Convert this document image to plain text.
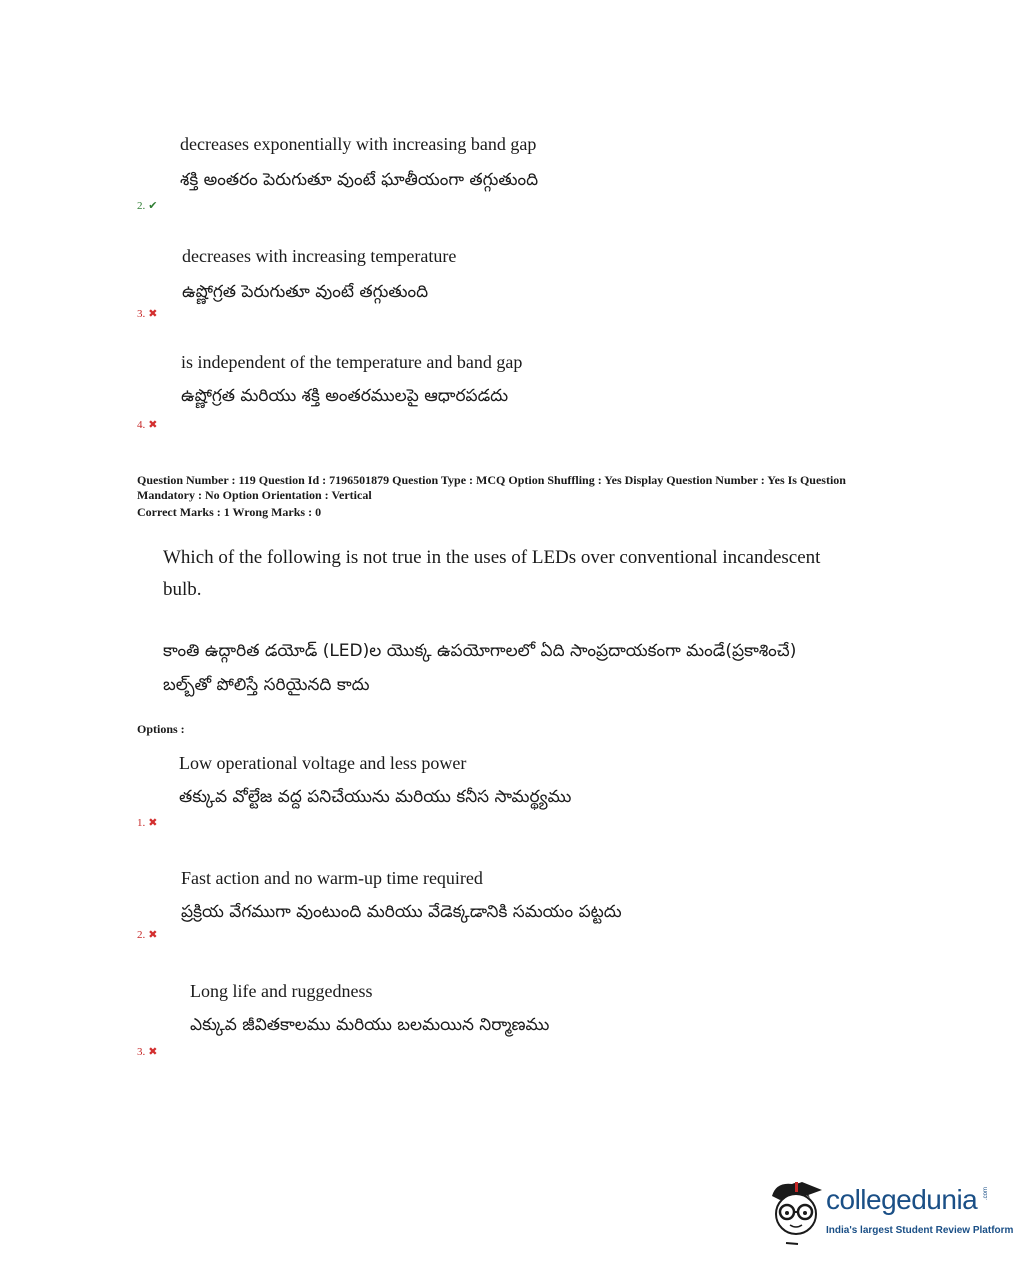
decreases exponentially with increasing band gap
శక్తి అంతరం పెరుగుతూ వుంటే ఘాతీయంగా తగ్గుతుంది
2. ✔
decreases with increasing temperature
ఉష్ణోగ్రత పెరుగుతూ వుంటే తగ్గుతుంది
3. ✖
is independent of the temperature and band gap
ఉష్ణోగ్రత మరియు శక్తి అంతరములపై ఆధారపడదు
4. ✖
Question Number : 119 Question Id : 7196501879 Question Type : MCQ Option Shuffling : Yes Display Question Number : Yes Is Question Mandatory : No Option Orientation : Vertical
Correct Marks : 1 Wrong Marks : 0
Which of the following is not true in the uses of LEDs over conventional incandescent bulb.
కాంతి ఉద్గారిత డయోడ్ (LED)ల యొక్క ఉపయోగాలలో ఏది సాంప్రదాయకంగా మండే(ప్రకాశించే) బల్బ్‌తో పోలిస్తే సరియైనది కాదు
Options :
Low operational voltage and less power
తక్కువ వోల్టేజ వద్ద పనిచేయును మరియు కనీస సామర్థ్యము
1. ✖
Fast action and no warm-up time required
ప్రక్రియ వేగముగా వుంటుంది మరియు వేడెక్కడానికి సమయం పట్టదు
2. ✖
Long life and ruggedness
ఎక్కువ జీవితకాలము మరియు బలమయిన నిర్మాణము
3. ✖
collegedunia .com
India's largest Student Review Platform
